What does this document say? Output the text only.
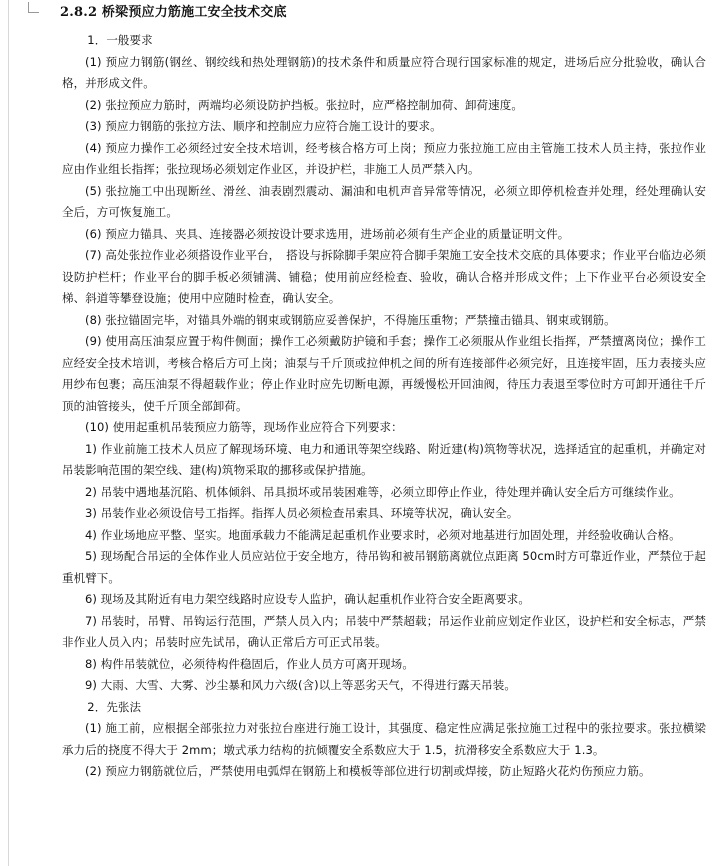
2.8.2 桥梁预应力筋施工安全技术交底

1．一般要求

(1) 预应力钢筋(钢丝、钢绞线和热处理钢筋)的技术条件和质量应符合现行国家标准的规定，进场后应分批验收，确认合格，并形成文件。

(2) 张拉预应力筋时，两端均必须设防护挡板。张拉时，应严格控制加荷、卸荷速度。

(3) 预应力钢筋的张拉方法、顺序和控制应力应符合施工设计的要求。

(4) 预应力操作工必须经过安全技术培训，经考核合格方可上岗；预应力张拉施工应由主管施工技术人员主持，张拉作业应由作业组长指挥；张拉现场必须划定作业区，并设护栏，非施工人员严禁入内。

(5) 张拉施工中出现断丝、滑丝、油表剧烈震动、漏油和电机声音异常等情况，必须立即停机检查并处理，经处理确认安全后，方可恢复施工。

(6) 预应力锚具、夹具、连接器必须按设计要求选用，进场前必须有生产企业的质量证明文件。

(7) 高处张拉作业必须搭设作业平台，　搭设与拆除脚手架应符合脚手架施工安全技术交底的具体要求；作业平台临边必须设防护栏杆；作业平台的脚手板必须铺满、铺稳；使用前应经检查、验收，确认合格并形成文件；上下作业平台必须设安全梯、斜道等攀登设施；使用中应随时检查，确认安全。

(8) 张拉锚固完毕，对锚具外端的钢束或钢筋应妥善保护，不得施压重物；严禁撞击锚具、钢束或钢筋。

(9) 使用高压油泵应置于构件侧面；操作工必须戴防护镜和手套；操作工必须服从作业组长指挥，严禁擅离岗位；操作工应经安全技术培训，考核合格后方可上岗；油泵与千斤顶或拉伸机之间的所有连接部件必须完好，且连接牢固，压力表接头应用纱布包裹；高压油泵不得超载作业；停止作业时应先切断电源，再缓慢松开回油阀，待压力表退至零位时方可卸开通往千斤顶的油管接头，使千斤顶全部卸荷。

(10) 使用起重机吊装预应力筋等，现场作业应符合下列要求：

1) 作业前施工技术人员应了解现场环境、电力和通讯等架空线路、附近建(构)筑物等状况，选择适宜的起重机，并确定对吊装影响范围的架空线、建(构)筑物采取的挪移或保护措施。

2) 吊装中遇地基沉陷、机体倾斜、吊具损坏或吊装困难等，必须立即停止作业，待处理并确认安全后方可继续作业。

3) 吊装作业必须设信号工指挥。指挥人员必须检查吊索具、环境等状况，确认安全。

4) 作业场地应平整、坚实。地面承载力不能满足起重机作业要求时，必须对地基进行加固处理，并经验收确认合格。

5) 现场配合吊运的全体作业人员应站位于安全地方，待吊钩和被吊钢筋离就位点距离 50cm时方可靠近作业，严禁位于起重机臂下。

6) 现场及其附近有电力架空线路时应设专人监护，确认起重机作业符合安全距离要求。

7) 吊装时，吊臂、吊钩运行范围，严禁人员入内；吊装中严禁超载；吊运作业前应划定作业区，设护栏和安全标志，严禁非作业人员入内；吊装时应先试吊，确认正常后方可正式吊装。

8) 构件吊装就位，必须待构件稳固后，作业人员方可离开现场。

9) 大雨、大雪、大雾、沙尘暴和风力六级(含)以上等恶劣天气，不得进行露天吊装。

2．先张法

(1) 施工前，应根据全部张拉力对张拉台座进行施工设计，其强度、稳定性应满足张拉施工过程中的张拉要求。张拉横梁承力后的挠度不得大于 2mm；墩式承力结构的抗倾覆安全系数应大于 1.5，抗滑移安全系数应大于 1.3。

(2) 预应力钢筋就位后，严禁使用电弧焊在钢筋上和模板等部位进行切割或焊接，防止短路火花灼伤预应力筋。
